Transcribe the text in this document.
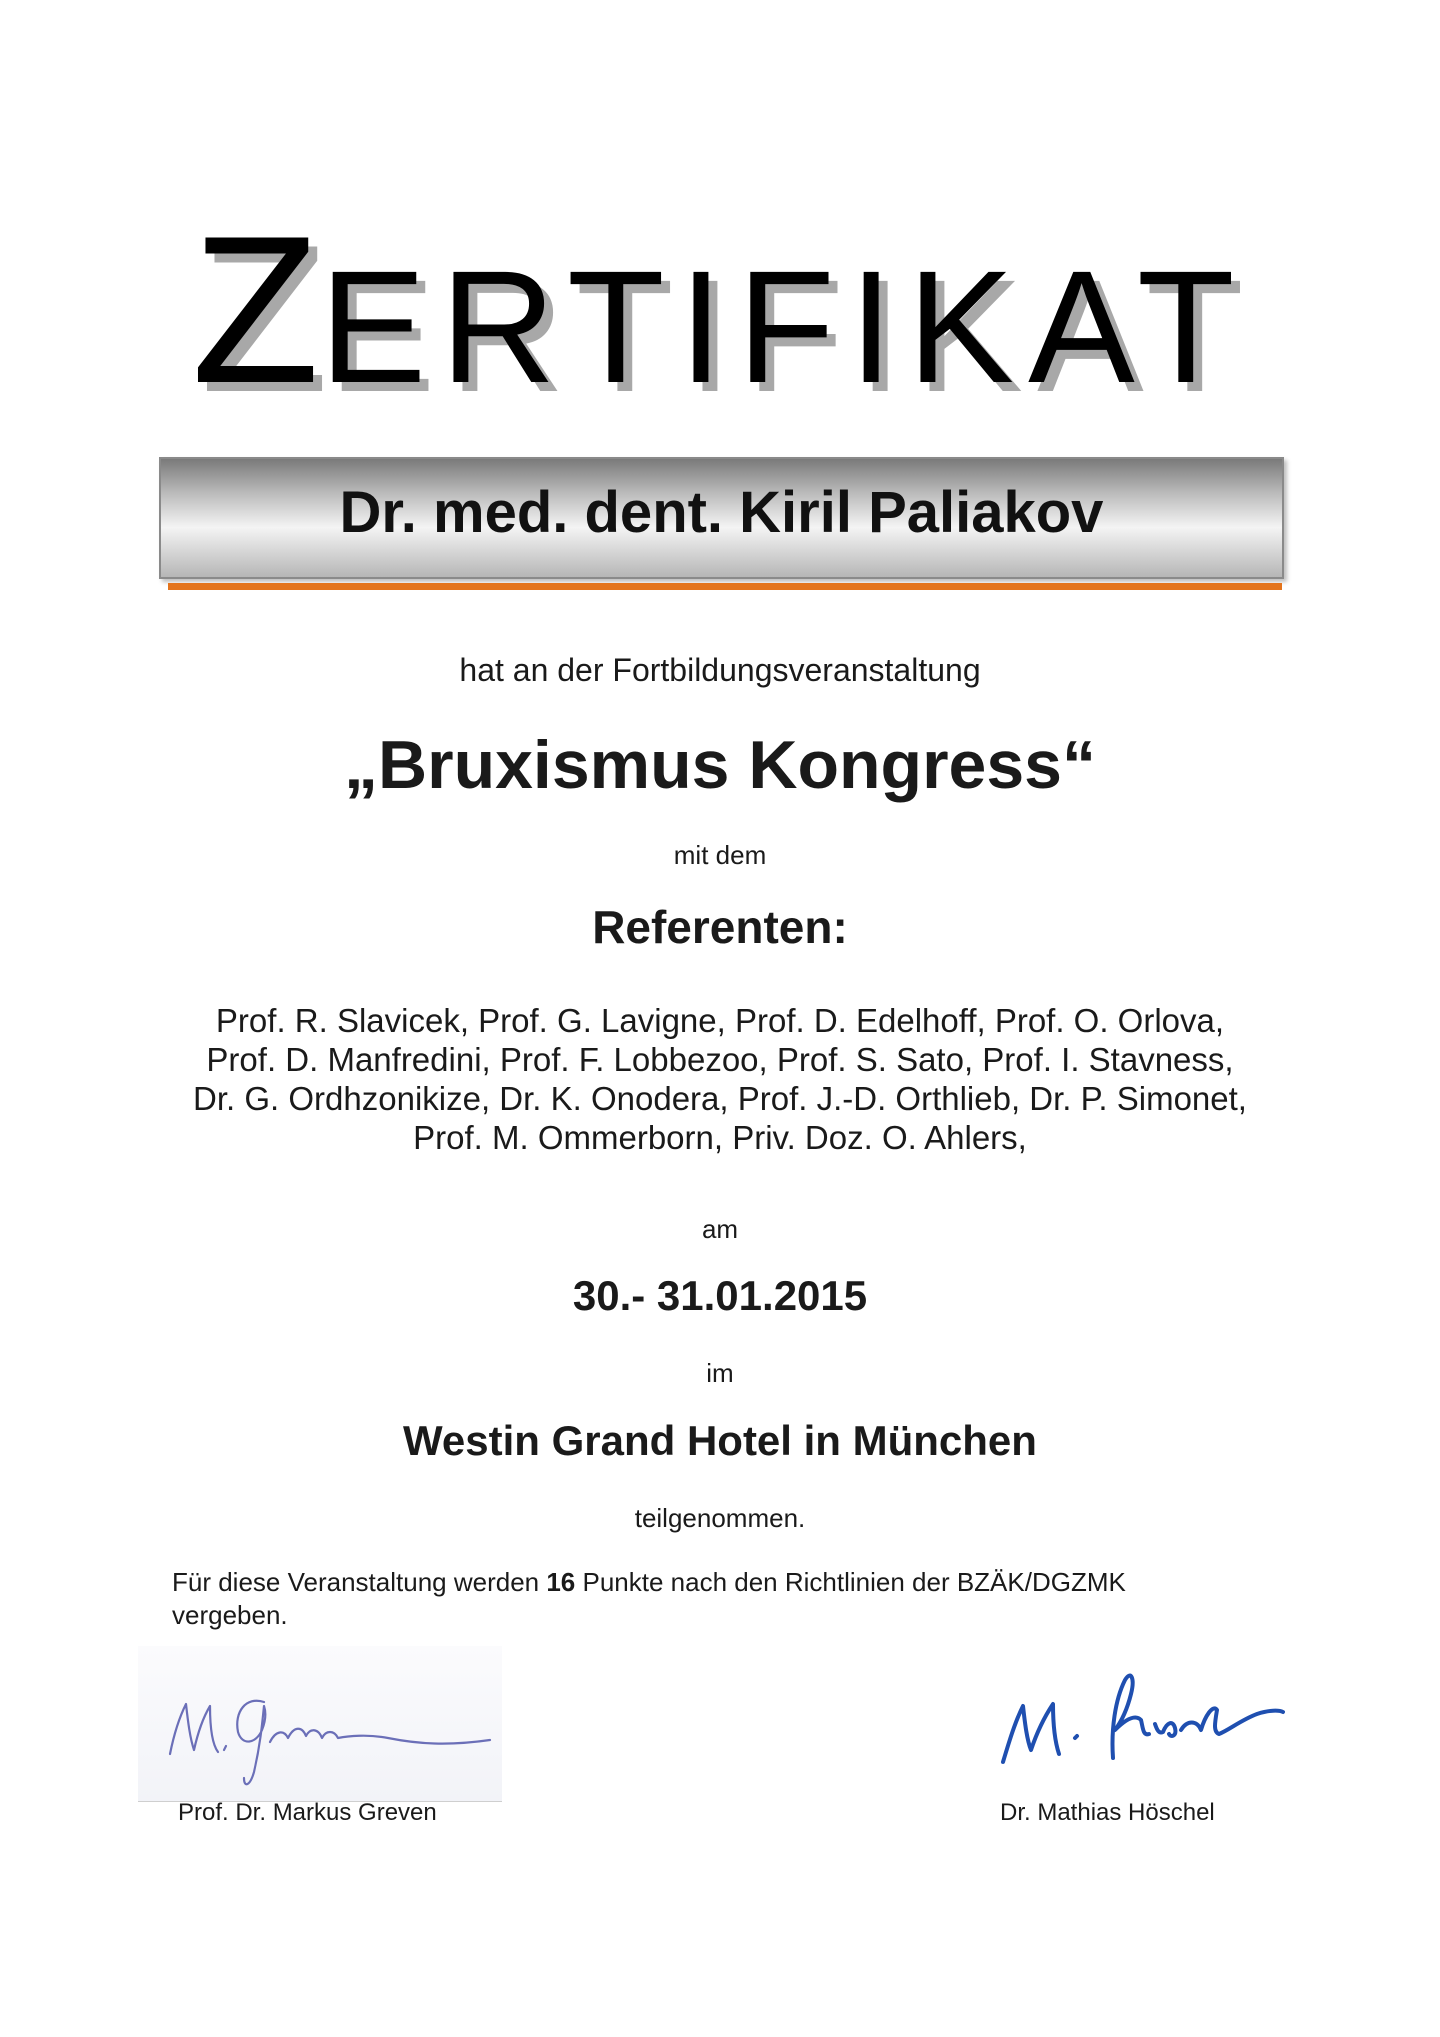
ZERTIFIKAT
Dr. med. dent. Kiril Paliakov
hat an der Fortbildungsveranstaltung
„Bruxismus Kongress“
mit dem
Referenten:
Prof. R. Slavicek, Prof. G. Lavigne, Prof. D. Edelhoff, Prof. O. Orlova,
Prof. D. Manfredini, Prof. F. Lobbezoo, Prof. S. Sato, Prof. I. Stavness,
Dr. G. Ordhzonikize, Dr. K. Onodera, Prof. J.-D. Orthlieb, Dr. P. Simonet,
Prof. M. Ommerborn, Priv. Doz. O. Ahlers,
am
30.- 31.01.2015
im
Westin Grand Hotel in München
teilgenommen.
Für diese Veranstaltung werden 16 Punkte nach den Richtlinien der BZÄK/DGZMK
vergeben.
Prof. Dr. Markus Greven	Dr. Mathias Höschel
